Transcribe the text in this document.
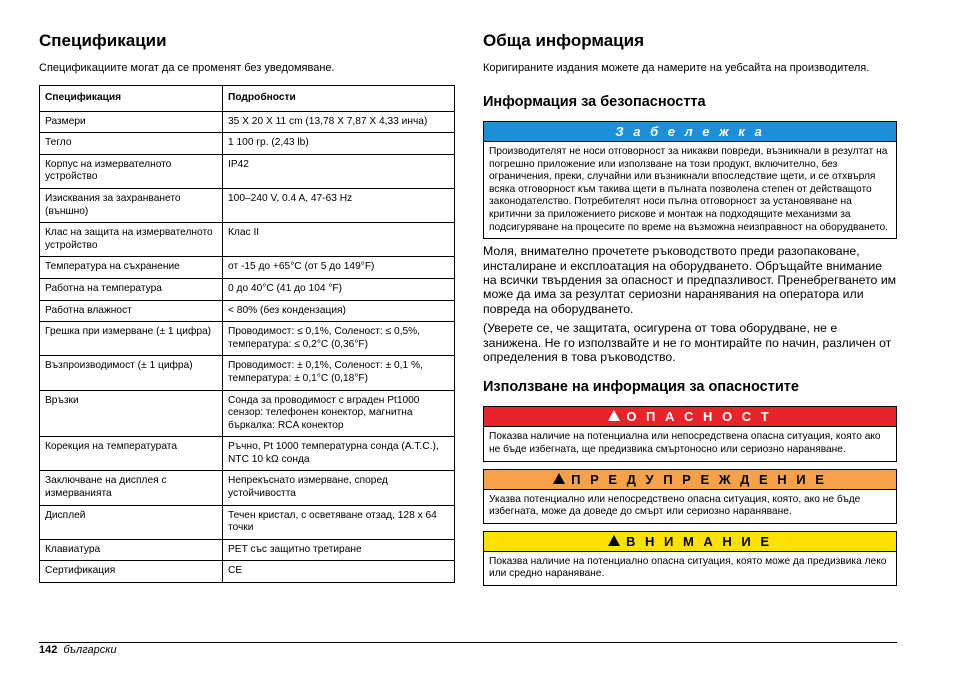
Спецификации

Спецификациите могат да се променят без уведомяване.

Спецификация	Подробности
Размери	35 X 20 X 11 cm (13,78 X 7,87 X 4,33 инча)
Тегло	1 100 гр. (2,43 lb)
Корпус на измервателното устройство	IP42
Изисквания за захранването (външно)	100–240 V, 0.4 A, 47-63 Hz
Клас на защита на измервателното устройство	Клас II
Температура на съхранение	от -15 до +65°C (от 5 до 149°F)
Работна на температура	0 до 40°C (41 до 104 °F)
Работна влажност	< 80% (без кондензация)
Грешка при измерване (± 1 цифра)	Проводимост: ≤ 0,1%, Соленост: ≤ 0,5%, температура: ≤ 0,2°C (0,36°F)
Възпроизводимост (± 1 цифра)	Проводимост: ± 0,1%, Соленост: ± 0,1 %, температура: ± 0,1°C (0,18°F)
Връзки	Сонда за проводимост с вграден Pt1000 сензор: телефонен конектор, магнитна бъркалка: RCA конектор
Корекция на температурата	Ръчно, Pt 1000 температурна сонда (A.T.C.), NTC 10 kΩ сонда
Заключване на дисплея с измерванията	Непрекъснато измерване, според устойчивостта
Дисплей	Течен кристал, с осветяване отзад, 128 x 64 точки
Клавиатура	PET със защитно третиране
Сертификация	CE
Обща информация

Коригираните издания можете да намерите на уебсайта на производителя.

Информация за безопасността
З а б е л е ж к а
Производителят не носи отговорност за никакви повреди, възникнали в резултат на погрешно приложение или използване на този продукт, включително, без ограничения, преки, случайни или възникнали впоследствие щети, и се отхвърля всяка отговорност към такива щети в пълната позволена степен от действащото законодателство. Потребителят носи пълна отговорност за установяване на критични за приложението рискове и монтаж на подходящите механизми за подсигуряване на процесите по време на възможна неизправност на оборудването.

Моля, внимателно прочетете ръководството преди разопаковане, инсталиране и експлоатация на оборудването. Обръщайте внимание на всички твърдения за опасност и предпазливост. Пренебрегването им може да има за резултат сериозни наранявания на оператора или повреда на оборудването.

(Уверете се, че защитата, осигурена от това оборудване, не е занижена. Не го използвайте и не го монтирайте по начин, различен от определения в това ръководство.

Използване на информация за опасностите
!О П А С Н О С Т
Показва наличие на потенциална или непосредствена опасна ситуация, която ако не бъде избегната, ще предизвика смъртоносно или сериозно нараняване.
!П Р Е Д У П Р Е Ж Д Е Н И Е
Указва потенциално или непосредствено опасна ситуация, която, ако не бъде избегната, може да доведе до смърт или сериозно нараняване.
!В Н И М А Н И Е
Показва наличие на потенциално опасна ситуация, която може да предизвика леко или средно нараняване.
142 български
